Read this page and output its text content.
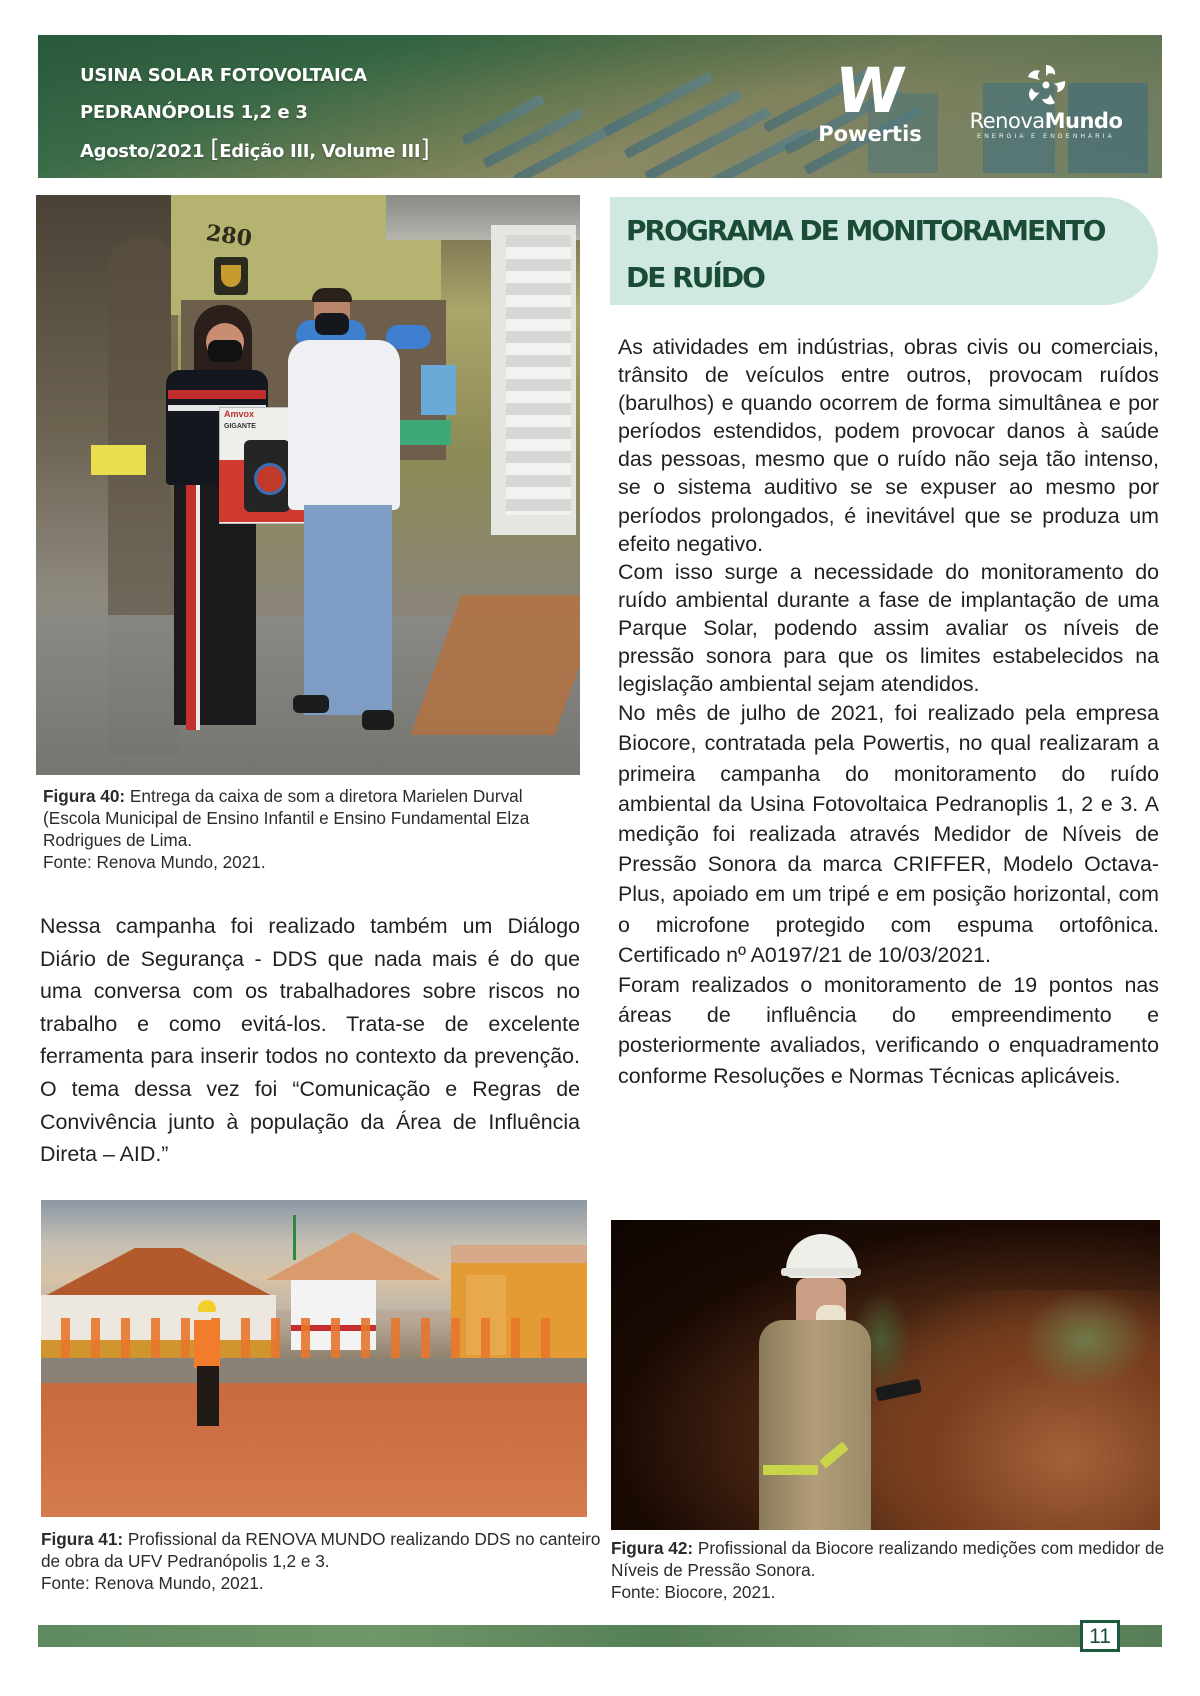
USINA SOLAR FOTOVOLTAICA
PEDRANÓPOLIS 1,2 e 3
Agosto/2021 [Edição III, Volume III]
W
Powertis
RenovaMundo
ENERGIA E ENGENHARIA
280
Amvox
GIGANTE
Figura 40: Entrega da caixa de som a diretora Marielen Durval (Escola Municipal de Ensino Infantil e Ensino Fundamental Elza Rodrigues de Lima.
Fonte: Renova Mundo, 2021.

Nessa campanha foi realizado também um Diálogo Diário de Segurança - DDS que nada mais é do que uma conversa com os trabalhadores sobre riscos no trabalho e como evitá-los. Trata-se de excelente ferramenta para inserir todos no contexto da prevenção. O tema dessa vez foi “Comunicação e Regras de Convivência junto à população da Área de Influência Direta – AID.”

Figura 41: Profissional da RENOVA MUNDO realizando DDS no canteiro de obra da UFV Pedranópolis 1,2 e 3.
Fonte: Renova Mundo, 2021.
PROGRAMA DE MONITORAMENTO
DE RUÍDO

As atividades em indústrias, obras civis ou comerciais, trânsito de veículos entre outros, provocam ruídos (barulhos) e quando ocorrem de forma simultânea e por períodos estendidos, podem provocar danos à saúde das pessoas, mesmo que o ruído não seja tão intenso, se o sistema auditivo se se expuser ao mesmo por períodos prolongados, é inevitável que se produza um efeito negativo.

Com isso surge a necessidade do monitoramento do ruído ambiental durante a fase de implantação de uma Parque Solar, podendo assim avaliar os níveis de pressão sonora para que os limites estabelecidos na legislação ambiental sejam atendidos.

No mês de julho de 2021, foi realizado pela empresa Biocore, contratada pela Powertis, no qual realizaram a primeira campanha do monitoramento do ruído ambiental da Usina Fotovoltaica Pedranoplis 1, 2 e 3. A medição foi realizada através Medidor de Níveis de Pressão Sonora da marca CRIFFER, Modelo Octava-Plus, apoiado em um tripé e em posição horizontal, com o microfone protegido com espuma ortofônica. Certificado nº A0197/21 de 10/03/2021.

Foram realizados o monitoramento de 19 pontos nas áreas de influência do empreendimento e posteriormente avaliados, verificando o enquadramento conforme Resoluções e Normas Técnicas aplicáveis.

Figura 42: Profissional da Biocore realizando medições com medidor de Níveis de Pressão Sonora.
Fonte: Biocore, 2021.
11
